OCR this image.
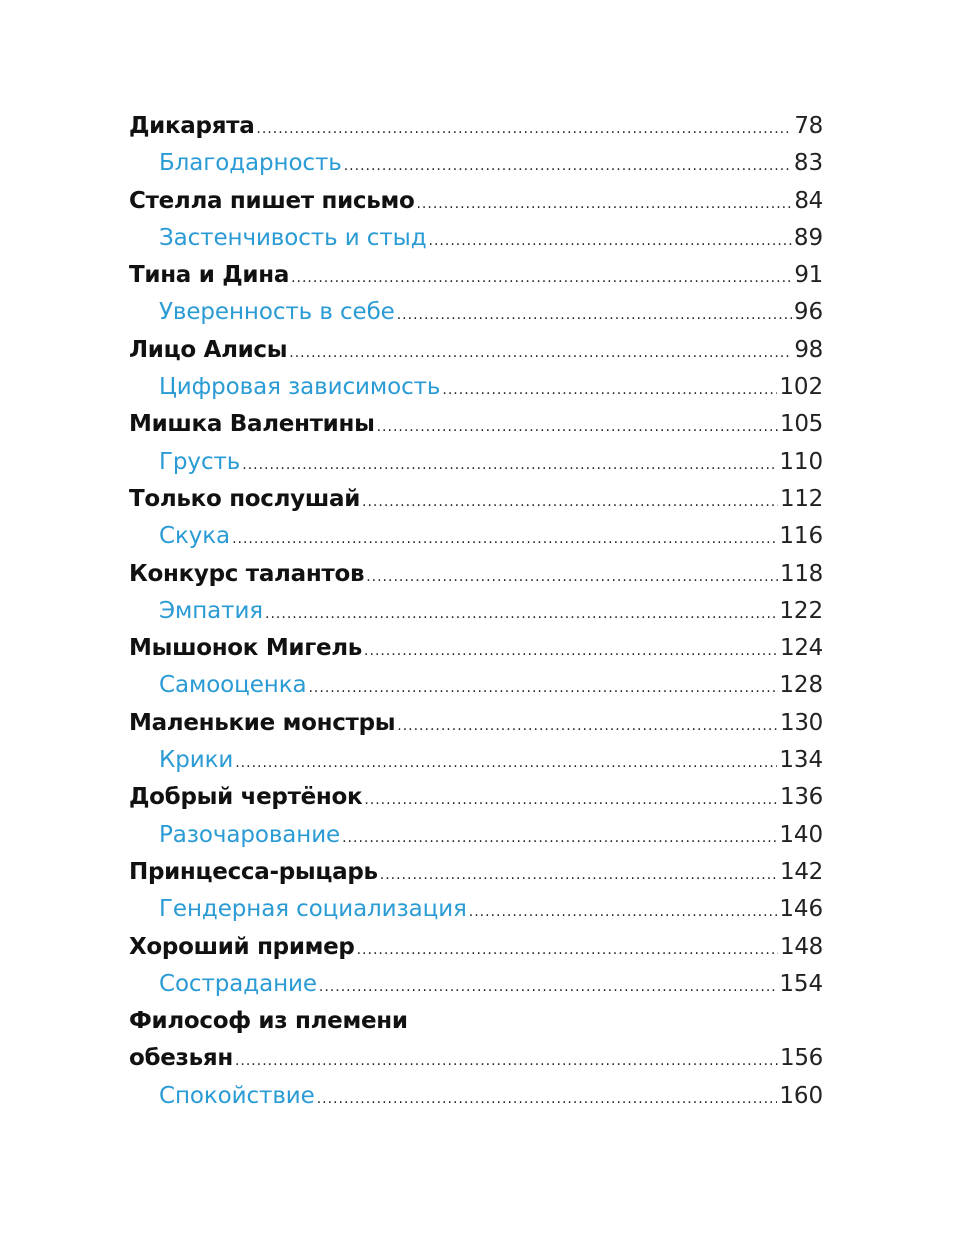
Дикарята .....	78
Благодарность .....	83
Стелла пишет письмо .....	84
Застенчивость и стыд .....	89
Тина и Дина .....	91
Уверенность в себе .....	96
Лицо Алисы .....	98
Цифровая зависимость .....	102
Мишка Валентины .....	105
Грусть .....	110
Только послушай .....	112
Скука .....	116
Конкурс талантов .....	118
Эмпатия .....	122
Мышонок Мигель .....	124
Самооценка .....	128
Маленькие монстры .....	130
Крики .....	134
Добрый чертёнок .....	136
Разочарование .....	140
Принцесса-рыцарь .....	142
Гендерная социализация .....	146
Хороший пример .....	148
Сострадание .....	154
Философ из племени
обезьян .....	156
Спокойствие .....	160
